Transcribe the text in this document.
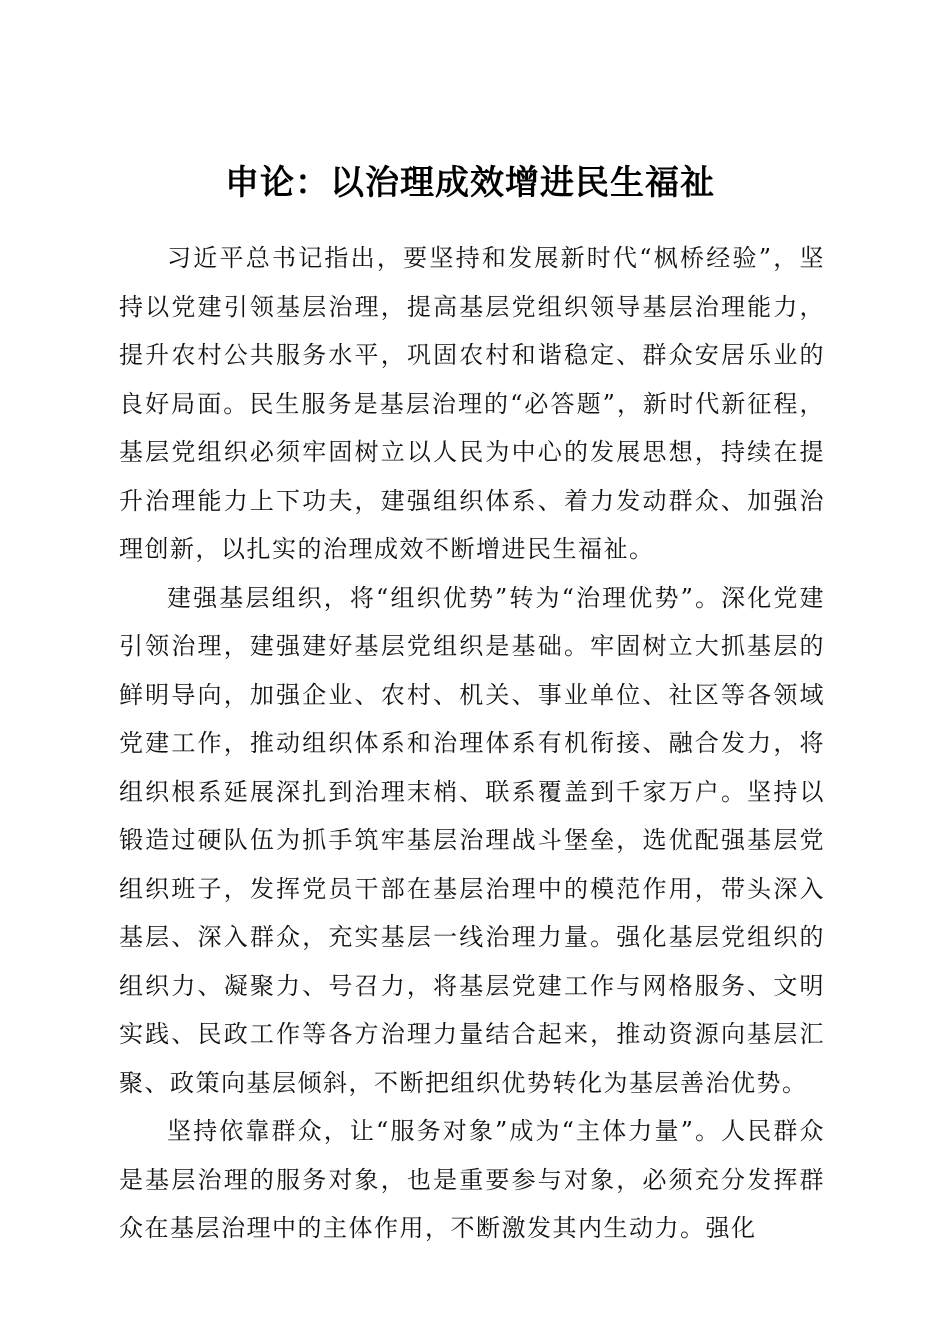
申论：以治理成效增进民生福祉

习近平总书记指出，要坚持和发展新时代“枫桥经验”，坚持以党建引领基层治理，提高基层党组织领导基层治理能力，提升农村公共服务水平，巩固农村和谐稳定、群众安居乐业的良好局面。民生服务是基层治理的“必答题”，新时代新征程，基层党组织必须牢固树立以人民为中心的发展思想，持续在提升治理能力上下功夫，建强组织体系、着力发动群众、加强治理创新，以扎实的治理成效不断增进民生福祉。

建强基层组织，将“组织优势”转为“治理优势”。深化党建引领治理，建强建好基层党组织是基础。牢固树立大抓基层的鲜明导向，加强企业、农村、机关、事业单位、社区等各领域党建工作，推动组织体系和治理体系有机衔接、融合发力，将组织根系延展深扎到治理末梢、联系覆盖到千家万户。坚持以锻造过硬队伍为抓手筑牢基层治理战斗堡垒，选优配强基层党组织班子，发挥党员干部在基层治理中的模范作用，带头深入基层、深入群众，充实基层一线治理力量。强化基层党组织的组织力、凝聚力、号召力，将基层党建工作与网格服务、文明实践、民政工作等各方治理力量结合起来，推动资源向基层汇聚、政策向基层倾斜，不断把组织优势转化为基层善治优势。

坚持依靠群众，让“服务对象”成为“主体力量”。人民群众是基层治理的服务对象，也是重要参与对象，必须充分发挥群众在基层治理中的主体作用，不断激发其内生动力。强化
